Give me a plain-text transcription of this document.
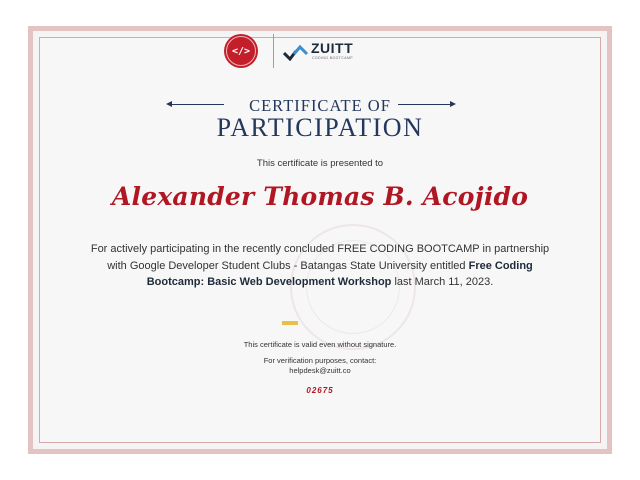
</>	ZUITT
CODING BOOTCAMP
CERTIFICATE OF
PARTICIPATION
This certificate is presented to
Alexander Thomas B. Acojido
For actively participating in the recently concluded FREE CODING BOOTCAMP in partnership with Google Developer Student Clubs - Batangas State University entitled Free Coding Bootcamp: Basic Web Development Workshop last March 11, 2023.
This certificate is valid even without signature.
For verification purposes, contact:
helpdesk@zuitt.co
02675
